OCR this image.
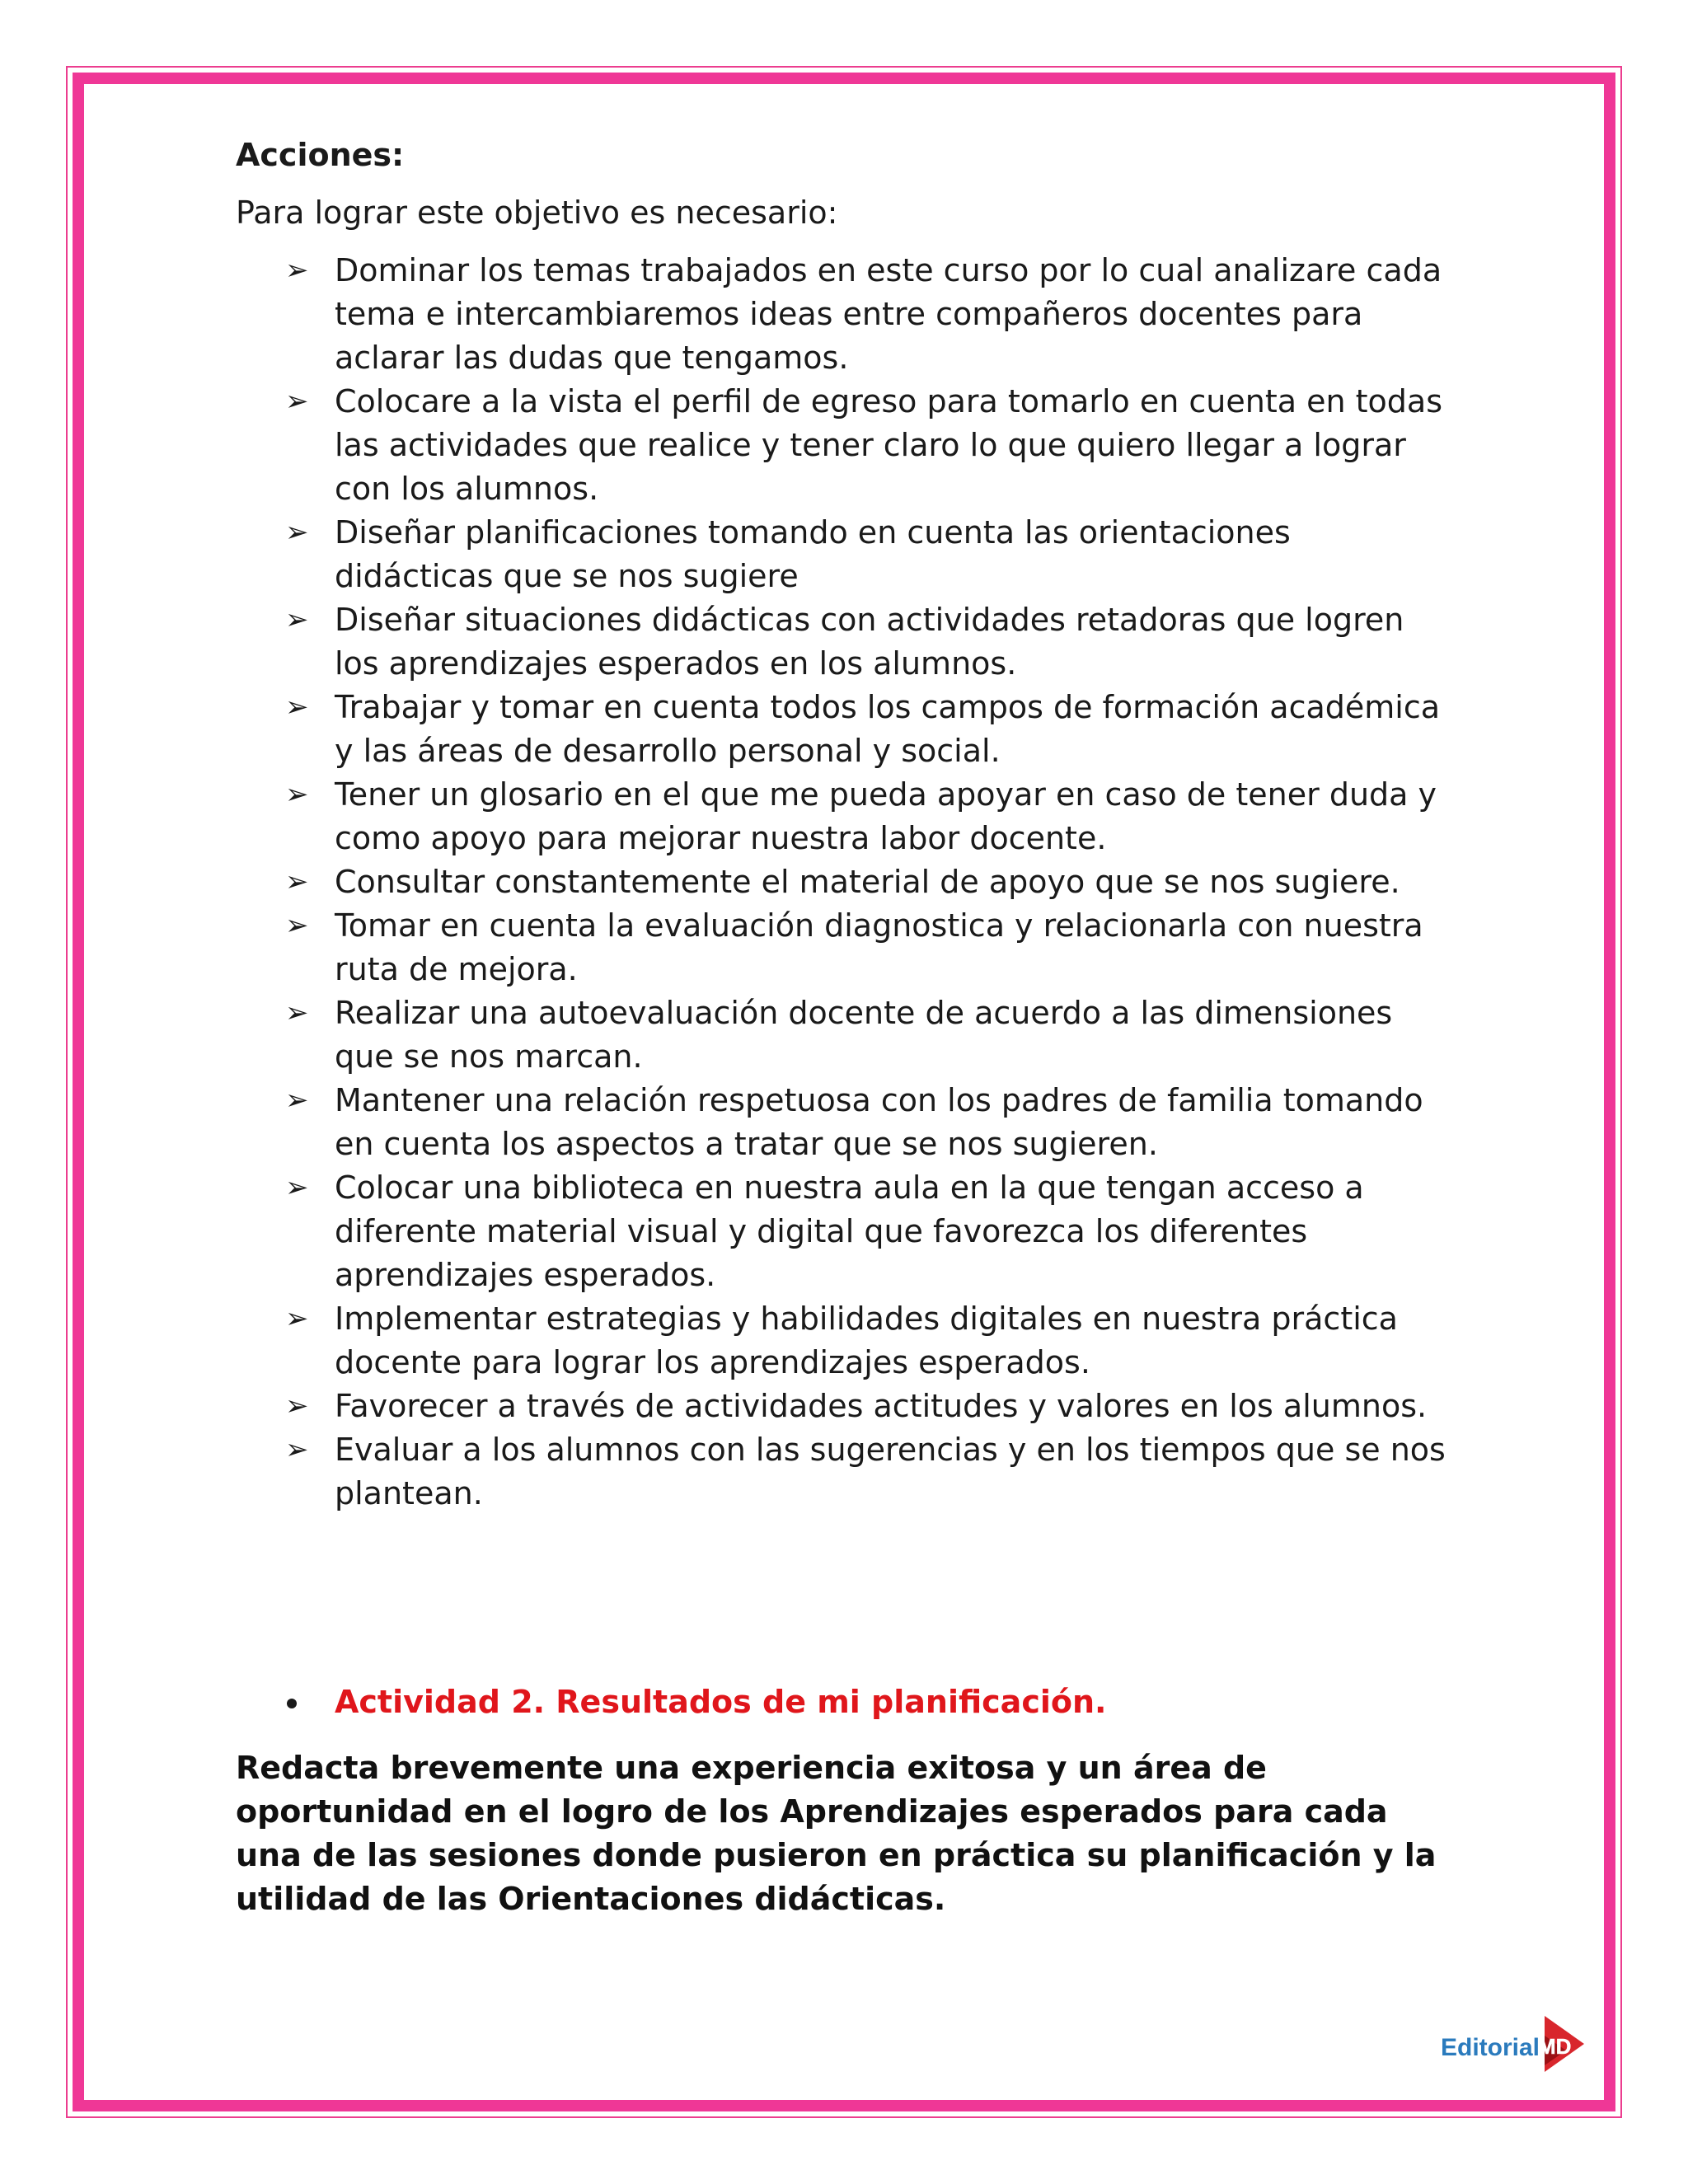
Acciones:

Para lograr este objetivo es necesario:

➢ Dominar los temas trabajados en este curso por lo cual analizare cada tema e intercambiaremos ideas entre compañeros docentes para aclarar las dudas que tengamos.
➢ Colocare a la vista el perfil de egreso para tomarlo en cuenta en todas las actividades que realice y tener claro lo que quiero llegar a lograr con los alumnos.
➢ Diseñar planificaciones tomando en cuenta las orientaciones didácticas que se nos sugiere
➢ Diseñar situaciones didácticas con actividades retadoras que logren los aprendizajes esperados en los alumnos.
➢ Trabajar y tomar en cuenta todos los campos de formación académica y las áreas de desarrollo personal y social.
➢ Tener un glosario en el que me pueda apoyar en caso de tener duda y como apoyo para mejorar nuestra labor docente.
➢ Consultar constantemente el material de apoyo que se nos sugiere.
➢ Tomar en cuenta la evaluación diagnostica y relacionarla con nuestra ruta de mejora.
➢ Realizar una autoevaluación docente de acuerdo a las dimensiones que se nos marcan.
➢ Mantener una relación respetuosa con los padres de familia tomando en cuenta los aspectos a tratar que se nos sugieren.
➢ Colocar una biblioteca en nuestra aula en la que tengan acceso a diferente material visual y digital que favorezca los diferentes aprendizajes esperados.
➢ Implementar estrategias y habilidades digitales en nuestra práctica docente para lograr los aprendizajes esperados.
➢ Favorecer a través de actividades actitudes y valores en los alumnos.
➢ Evaluar a los alumnos con las sugerencias y en los tiempos que se nos plantean.
Actividad 2. Resultados de mi planificación.

Redacta brevemente una experiencia exitosa y un área de oportunidad en el logro de los Aprendizajes esperados para cada una de las sesiones donde pusieron en práctica su planificación y la utilidad de las Orientaciones didácticas.

Editorial
MD
